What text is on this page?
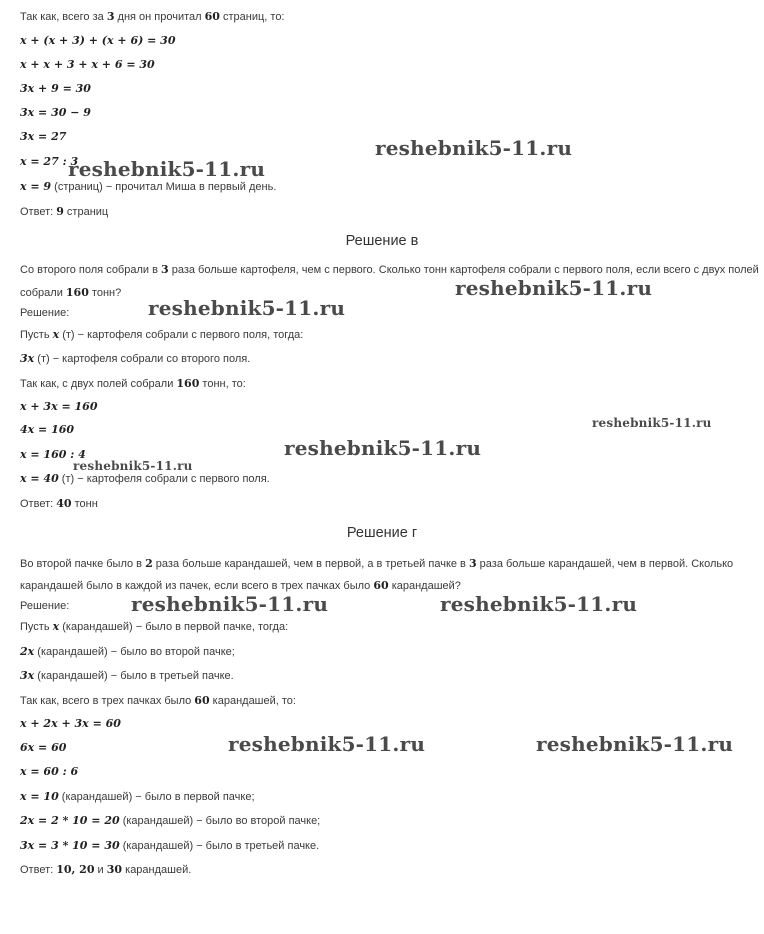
Так как, всего за 3 дня он прочитал 60 страниц, то:
x + (x + 3) + (x + 6) = 30
x + x + 3 + x + 6 = 30
3x + 9 = 30
3x = 30 − 9
3x = 27
x = 27 : 3
x = 9 (страниц) − прочитал Миша в первый день.
Ответ: 9 страниц
Решение в
Со второго поля собрали в 3 раза больше картофеля, чем с первого. Сколько тонн картофеля собрали с первого поля, если всего с двух полей
собрали 160 тонн?
Решение:
Пусть x (т) − картофеля собрали с первого поля, тогда:
3x (т) − картофеля собрали со второго поля.
Так как, с двух полей собрали 160 тонн, то:
x + 3x = 160
4x = 160
x = 160 : 4
x = 40 (т) − картофеля собрали с первого поля.
Ответ: 40 тонн
Решение г
Во второй пачке было в 2 раза больше карандашей, чем в первой, а в третьей пачке в 3 раза больше карандашей, чем в первой. Сколько
карандашей было в каждой из пачек, если всего в трех пачках было 60 карандашей?
Решение:
Пусть x (карандашей) − было в первой пачке, тогда:
2x (карандашей) − было во второй пачке;
3x (карандашей) − было в третьей пачке.
Так как, всего в трех пачках было 60 карандашей, то:
x + 2x + 3x = 60
6x = 60
x = 60 : 6
x = 10 (карандашей) − было в первой пачке;
2x = 2 * 10 = 20 (карандашей) − было во второй пачке;
3x = 3 * 10 = 30 (карандашей) − было в третьей пачке.
Ответ: 10, 20 и 30 карандашей.
reshebnik5-11.ru
reshebnik5-11.ru
reshebnik5-11.ru
reshebnik5-11.ru
reshebnik5-11.ru
reshebnik5-11.ru
reshebnik5-11.ru
reshebnik5-11.ru	reshebnik5-11.ru
reshebnik5-11.ru	reshebnik5-11.ru
